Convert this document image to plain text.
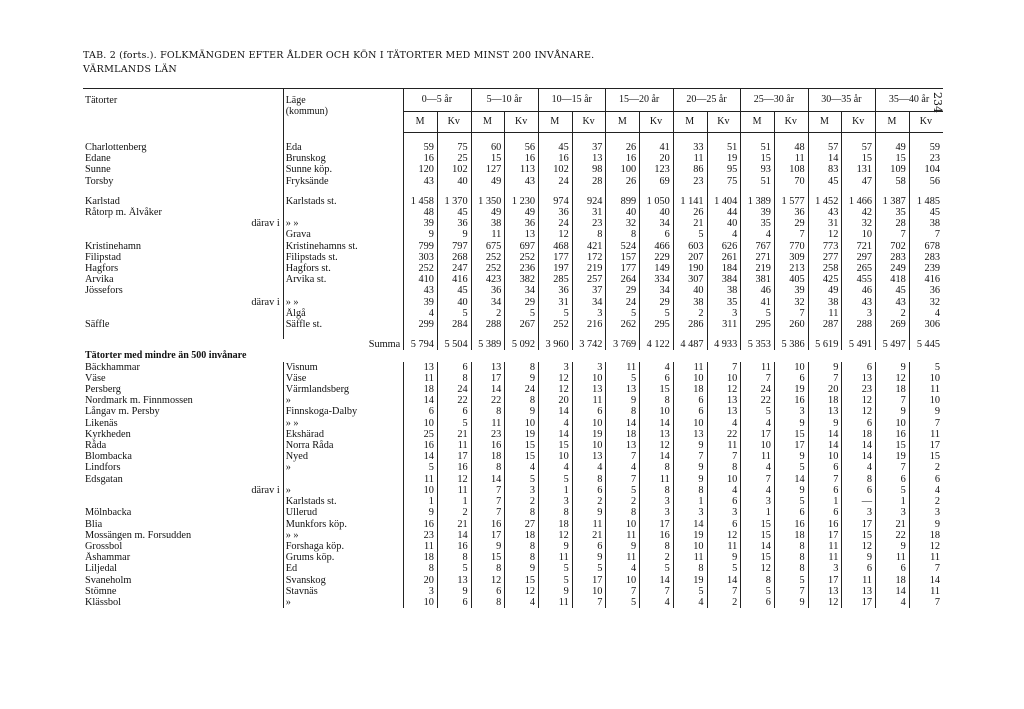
TAB. 2 (forts.). FOLKMÄNGDEN EFTER ÅLDER OCH KÖN I TÄTORTER MED MINST 200 INVÅNARE.
VÄRMLANDS LÄN
234
Tätorter	Läge
(kommun)	0—5 år		5—10 år		10—15 år		15—20 år		20—25 år		25—30 år		30—35 år		35—40 år	
		M	Kv	M	Kv	M	Kv	M	Kv	M	Kv	M	Kv	M	Kv	M	Kv

Charlottenberg	Eda	59	75	60	56	45	37	26	41	33	51	51	48	57	57	49	59
Edane	Brunskog	16	25	15	16	16	13	16	20	11	19	15	11	14	15	15	23
Sunne	Sunne köp.	120	102	127	113	102	98	100	123	86	95	93	108	83	131	109	104
Torsby	Fryksände	43	40	49	43	24	28	26	69	23	75	51	70	45	47	58	56

Karlstad	Karlstads st.	1 458	1 370	1 350	1 230	974	924	899	1 050	1 141	1 404	1 389	1 577	1 452	1 466	1 387	1 485
Råtorp m. Älvåker		48	45	49	49	36	31	40	40	26	44	39	36	43	42	35	45
därav i	» »	39	36	38	36	24	23	32	34	21	40	35	29	31	32	28	38
	Grava	9	9	11	13	12	8	8	6	5	4	4	7	12	10	7	7
Kristinehamn	Kristinehamns st.	799	797	675	697	468	421	524	466	603	626	767	770	773	721	702	678
Filipstad	Filipstads st.	303	268	252	252	177	172	157	229	207	261	271	309	277	297	283	283
Hagfors	Hagfors st.	252	247	252	236	197	219	177	149	190	184	219	213	258	265	249	239
Arvika	Arvika st.	410	416	423	382	285	257	264	334	307	384	381	405	425	455	418	416
Jössefors		43	45	36	34	36	37	29	34	40	38	46	39	49	46	45	36
därav i	» »	39	40	34	29	31	34	24	29	38	35	41	32	38	43	43	32
	Älgå	4	5	2	5	5	3	5	5	2	3	5	7	11	3	2	4
Säffle	Säffle st.	299	284	288	267	252	216	262	295	286	311	295	260	287	288	269	306

Summa		5 794	5 504	5 389	5 092	3 960	3 742	3 769	4 122	4 487	4 933	5 353	5 386	5 619	5 491	5 497	5 445
Tätorter med mindre än 500 invånare																	
Bäckhammar	Visnum	13	6	13	8	3	3	11	4	11	7	11	10	9	6	9	5
Väse	Väse	11	8	17	9	12	10	5	6	10	10	7	6	7	13	12	10
Persberg	Värmlandsberg	18	24	14	24	12	13	13	15	18	12	24	19	20	23	18	11
Nordmark m. Finnmossen	»	14	22	22	8	20	11	9	8	6	13	22	16	18	12	7	10
Långav m. Persby	Finnskoga-Dalby	6	6	8	9	14	6	8	10	6	13	5	3	13	12	9	9
Likenäs	» »	10	5	11	10	4	10	14	14	10	4	4	9	9	6	10	7
Kyrkheden	Ekshärad	25	21	23	19	14	19	18	13	13	22	17	15	14	18	16	11
Råda	Norra Råda	16	11	16	15	15	10	13	12	9	11	10	17	14	14	15	17
Blombacka	Nyed	14	17	18	15	10	13	7	14	7	7	11	9	10	14	19	15
Lindfors	»	5	16	8	4	4	4	4	8	9	8	4	5	6	4	7	2
Edsgatan		11	12	14	5	5	8	7	11	9	10	7	14	7	8	6	6
därav i	»	10	11	7	3	1	6	5	8	8	4	4	9	6	6	5	4
	Karlstads st.	1	1	7	2	3	2	2	3	1	6	3	5	1	—	1	2
Mölnbacka	Ullerud	9	2	7	8	8	9	8	3	3	3	1	6	6	3	3	3
Blia	Munkfors köp.	16	21	16	27	18	11	10	17	14	6	15	16	16	17	21	9
Mossängen m. Forsudden	» »	23	14	17	18	12	21	11	16	19	12	15	18	17	15	22	18
Grossbol	Forshaga köp.	11	16	9	8	9	6	9	8	10	11	14	8	11	12	9	12
Åshammar	Grums köp.	18	8	15	8	11	9	11	2	11	9	15	8	11	9	11	11
Liljedal	Ed	8	5	8	9	5	5	4	5	8	5	12	8	3	6	6	7
Svaneholm	Svanskog	20	13	12	15	5	17	10	14	19	14	8	5	17	11	18	14
Stömne	Stavnäs	3	9	6	12	9	10	7	7	5	7	5	7	13	13	14	11
Klässbol	»	10	6	8	4	11	7	5	4	4	2	6	9	12	17	4	7
